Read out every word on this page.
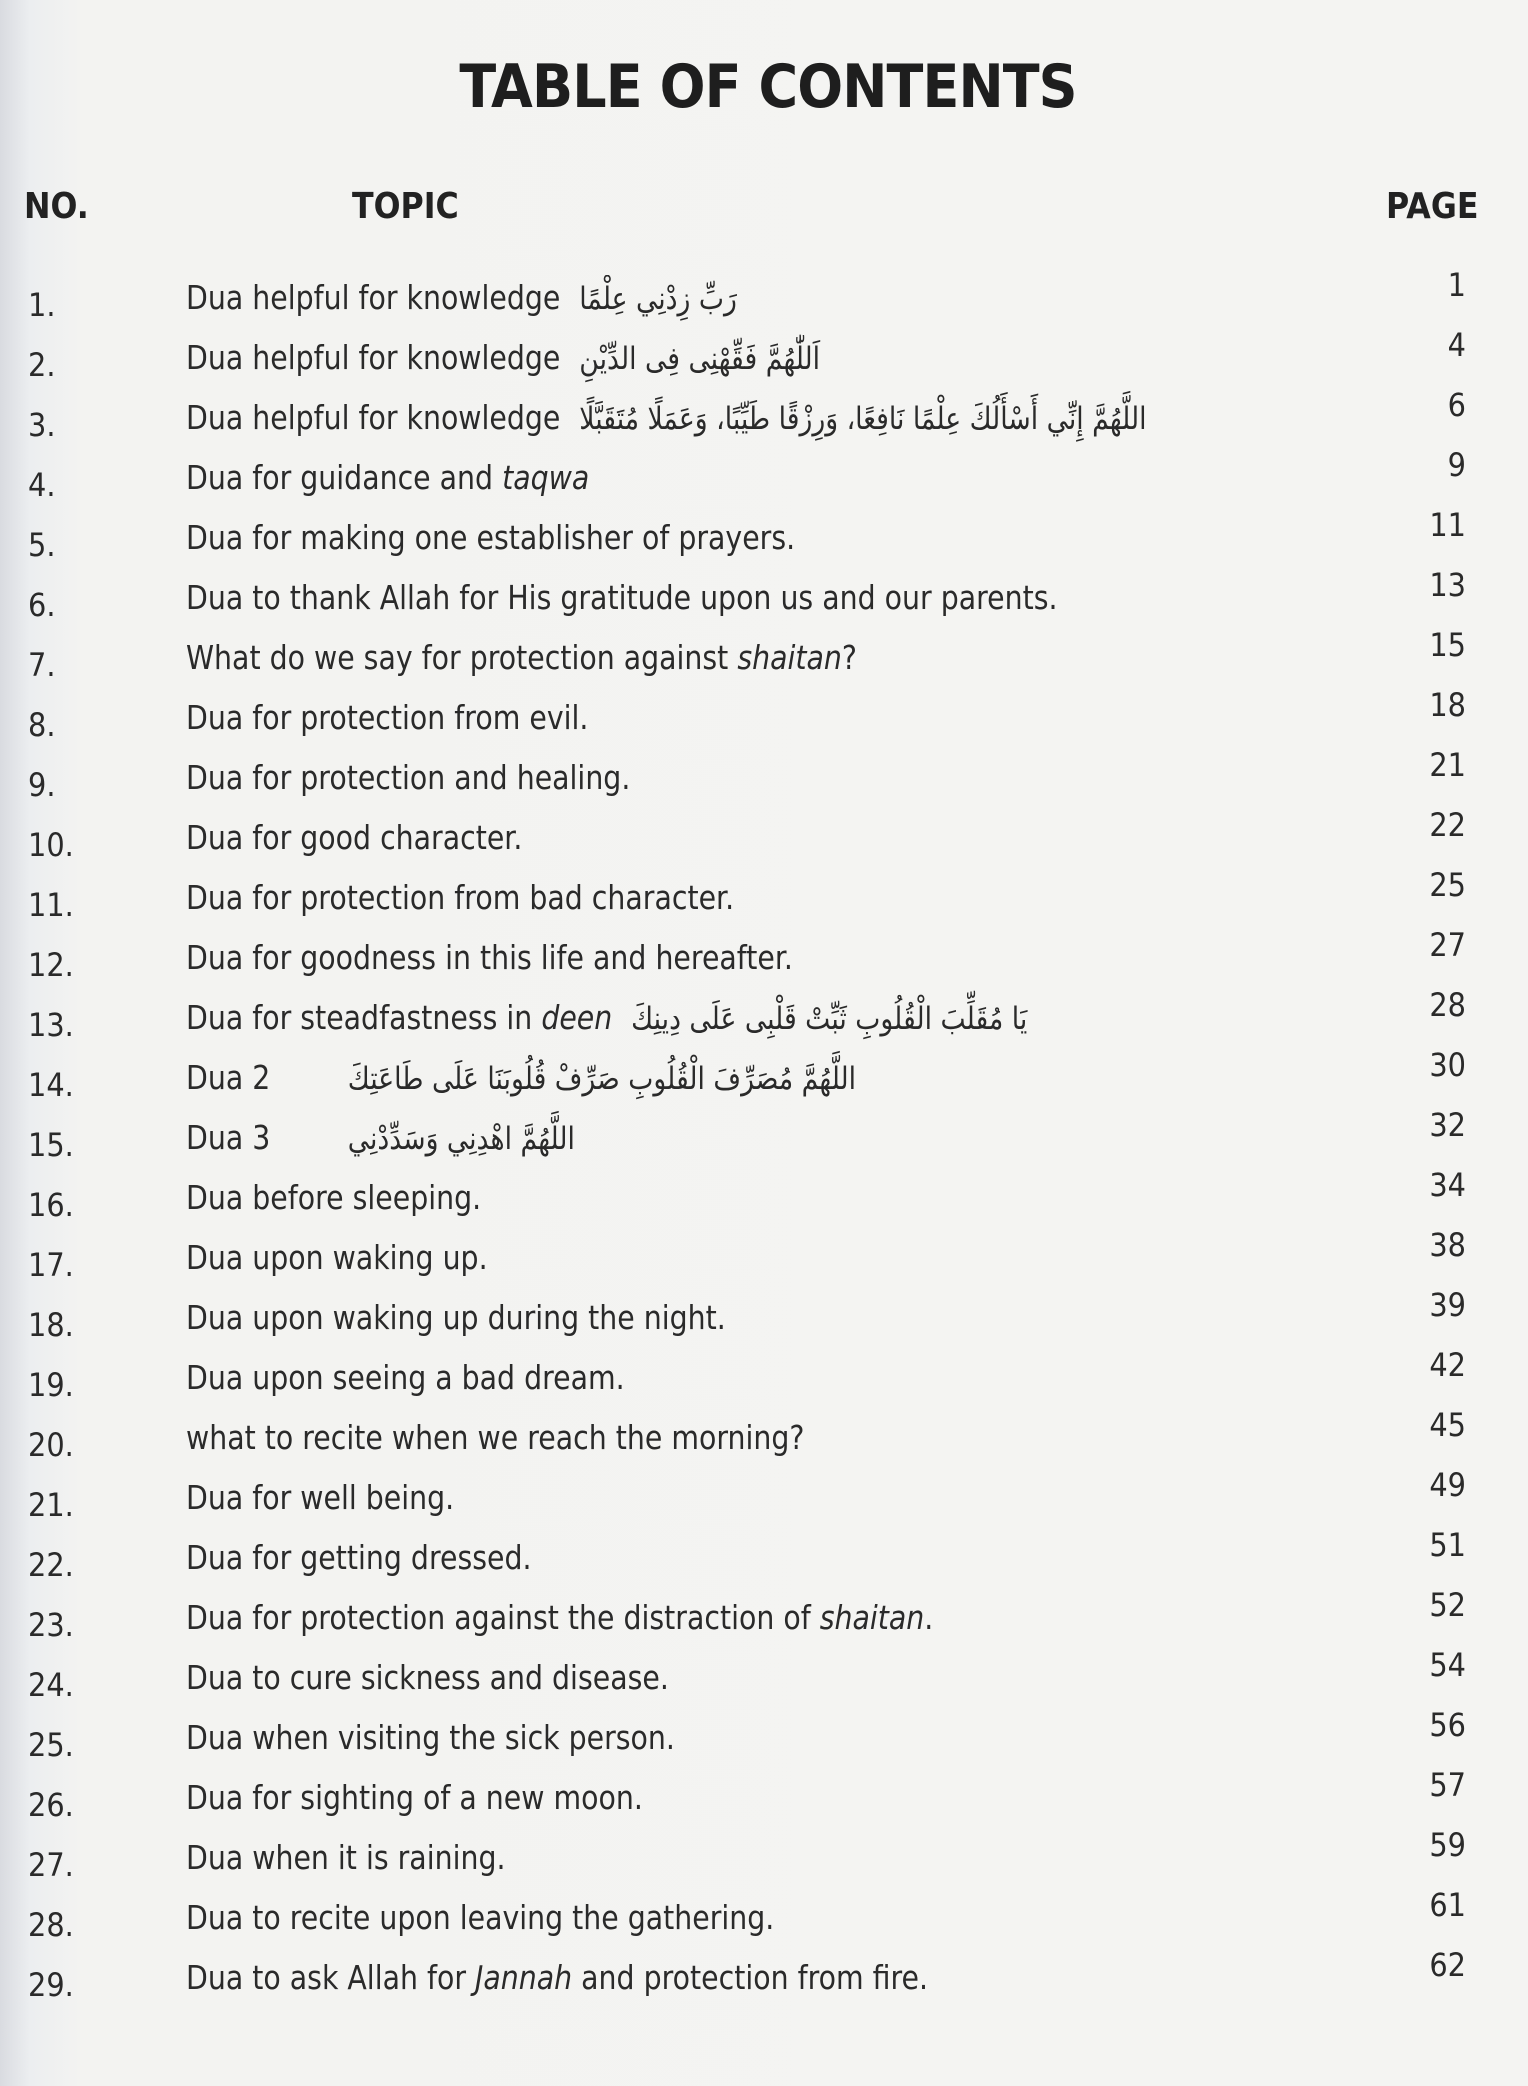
TABLE OF CONTENTS
NO.	TOPIC	PAGE
1.	Dua helpful for knowledge رَبِّ زِدْنِي عِلْمًا	1
2.	Dua helpful for knowledge اَللّٰهُمَّ فَقِّهْنِى فِى الدِّيْنِ	4
3.	Dua helpful for knowledge اللَّهُمَّ إِنِّي أَسْأَلُكَ عِلْمًا نَافِعًا، وَرِزْقًا طَيِّبًا، وَعَمَلًا مُتَقَبَّلًا	6
4.	Dua for guidance and taqwa	9
5.	Dua for making one establisher of prayers.	11
6.	Dua to thank Allah for His gratitude upon us and our parents.	13
7.	What do we say for protection against shaitan?	15
8.	Dua for protection from evil.	18
9.	Dua for protection and healing.	21
10.	Dua for good character.	22
11.	Dua for protection from bad character.	25
12.	Dua for goodness in this life and hereafter.	27
13.	Dua for steadfastness in deen يَا مُقَلِّبَ الْقُلُوبِ ثَبِّتْ قَلْبِى عَلَى دِينِكَ	28
14.	Dua 2 اللَّهُمَّ مُصَرِّفَ الْقُلُوبِ صَرِّفْ قُلُوبَنَا عَلَى طَاعَتِكَ	30
15.	Dua 3 اللَّهُمَّ اهْدِنِي وَسَدِّدْنِي	32
16.	Dua before sleeping.	34
17.	Dua upon waking up.	38
18.	Dua upon waking up during the night.	39
19.	Dua upon seeing a bad dream.	42
20.	what to recite when we reach the morning?	45
21.	Dua for well being.	49
22.	Dua for getting dressed.	51
23.	Dua for protection against the distraction of shaitan.	52
24.	Dua to cure sickness and disease.	54
25.	Dua when visiting the sick person.	56
26.	Dua for sighting of a new moon.	57
27.	Dua when it is raining.	59
28.	Dua to recite upon leaving the gathering.	61
29.	Dua to ask Allah for Jannah and protection from fire.	62
